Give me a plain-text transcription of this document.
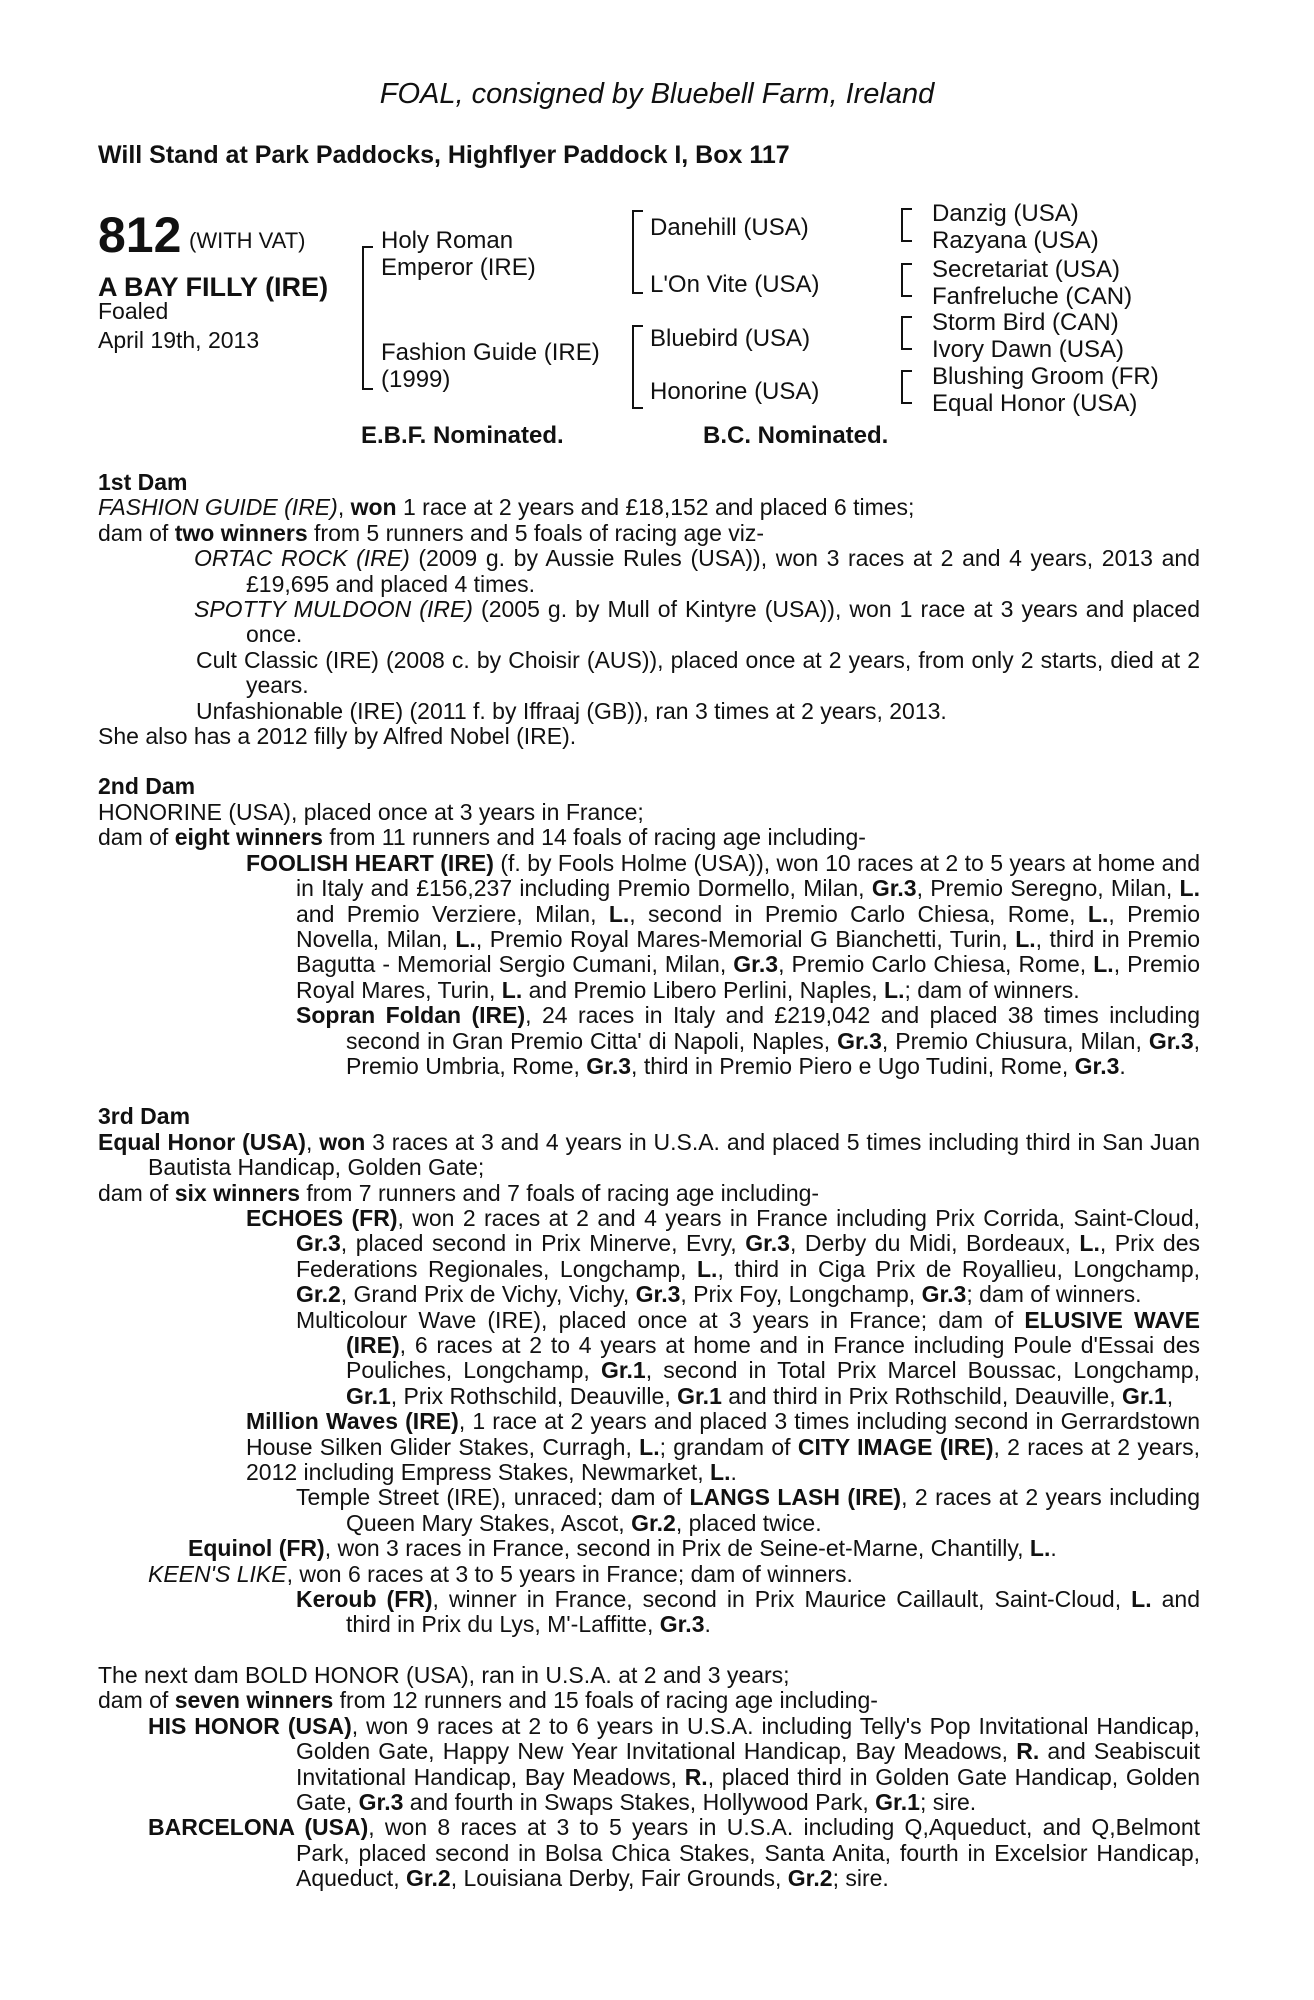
FOAL, consigned by Bluebell Farm, Ireland
Will Stand at Park Paddocks, Highflyer Paddock I, Box 117
812 (WITH VAT)
A BAY FILLY (IRE)
Foaled
April 19th, 2013
Holy Roman
Emperor (IRE)
Fashion Guide (IRE)
(1999)
Danehill (USA)
L'On Vite (USA)
Bluebird (USA)
Honorine (USA)
Danzig (USA)
Razyana (USA)
Secretariat (USA)
Fanfreluche (CAN)
Storm Bird (CAN)
Ivory Dawn (USA)
Blushing Groom (FR)
Equal Honor (USA)
E.B.F. Nominated.	B.C. Nominated.

1st Dam

FASHION GUIDE (IRE), won 1 race at 2 years and £18,152 and placed 6 times;

dam of two winners from 5 runners and 5 foals of racing age viz-

ORTAC ROCK (IRE) (2009 g. by Aussie Rules (USA)), won 3 races at 2 and 4 years, 2013 and £19,695 and placed 4 times.

SPOTTY MULDOON (IRE) (2005 g. by Mull of Kintyre (USA)), won 1 race at 3 years and placed once.

Cult Classic (IRE) (2008 c. by Choisir (AUS)), placed once at 2 years, from only 2 starts, died at 2 years.

Unfashionable (IRE) (2011 f. by Iffraaj (GB)), ran 3 times at 2 years, 2013.

She also has a 2012 filly by Alfred Nobel (IRE).

2nd Dam

HONORINE (USA), placed once at 3 years in France;

dam of eight winners from 11 runners and 14 foals of racing age including-

FOOLISH HEART (IRE) (f. by Fools Holme (USA)), won 10 races at 2 to 5 years at home and in Italy and £156,237 including Premio Dormello, Milan, Gr.3, Premio Seregno, Milan, L. and Premio Verziere, Milan, L., second in Premio Carlo Chiesa, Rome, L., Premio Novella, Milan, L., Premio Royal Mares-Memorial G Bianchetti, Turin, L., third in Premio Bagutta - Memorial Sergio Cumani, Milan, Gr.3, Premio Carlo Chiesa, Rome, L., Premio Royal Mares, Turin, L. and Premio Libero Perlini, Naples, L.; dam of winners.

Sopran Foldan (IRE), 24 races in Italy and £219,042 and placed 38 times including second in Gran Premio Citta' di Napoli, Naples, Gr.3, Premio Chiusura, Milan, Gr.3, Premio Umbria, Rome, Gr.3, third in Premio Piero e Ugo Tudini, Rome, Gr.3.

3rd Dam

Equal Honor (USA), won 3 races at 3 and 4 years in U.S.A. and placed 5 times including third in San Juan Bautista Handicap, Golden Gate;

dam of six winners from 7 runners and 7 foals of racing age including-

ECHOES (FR), won 2 races at 2 and 4 years in France including Prix Corrida, Saint-Cloud, Gr.3, placed second in Prix Minerve, Evry, Gr.3, Derby du Midi, Bordeaux, L., Prix des Federations Regionales, Longchamp, L., third in Ciga Prix de Royallieu, Longchamp, Gr.2, Grand Prix de Vichy, Vichy, Gr.3, Prix Foy, Longchamp, Gr.3; dam of winners.

Multicolour Wave (IRE), placed once at 3 years in France; dam of ELUSIVE WAVE (IRE), 6 races at 2 to 4 years at home and in France including Poule d'Essai des Pouliches, Longchamp, Gr.1, second in Total Prix Marcel Boussac, Longchamp, Gr.1, Prix Rothschild, Deauville, Gr.1 and third in Prix Rothschild, Deauville, Gr.1,

Million Waves (IRE), 1 race at 2 years and placed 3 times including second in Gerrardstown House Silken Glider Stakes, Curragh, L.; grandam of CITY IMAGE (IRE), 2 races at 2 years, 2012 including Empress Stakes, Newmarket, L..

Temple Street (IRE), unraced; dam of LANGS LASH (IRE), 2 races at 2 years including Queen Mary Stakes, Ascot, Gr.2, placed twice.

Equinol (FR), won 3 races in France, second in Prix de Seine-et-Marne, Chantilly, L..

KEEN'S LIKE, won 6 races at 3 to 5 years in France; dam of winners.

Keroub (FR), winner in France, second in Prix Maurice Caillault, Saint-Cloud, L. and third in Prix du Lys, M'-Laffitte, Gr.3.

The next dam BOLD HONOR (USA), ran in U.S.A. at 2 and 3 years;

dam of seven winners from 12 runners and 15 foals of racing age including-

HIS HONOR (USA), won 9 races at 2 to 6 years in U.S.A. including Telly's Pop Invitational Handicap, Golden Gate, Happy New Year Invitational Handicap, Bay Meadows, R. and Seabiscuit Invitational Handicap, Bay Meadows, R., placed third in Golden Gate Handicap, Golden Gate, Gr.3 and fourth in Swaps Stakes, Hollywood Park, Gr.1; sire.

BARCELONA (USA), won 8 races at 3 to 5 years in U.S.A. including Q,Aqueduct, and Q,Belmont Park, placed second in Bolsa Chica Stakes, Santa Anita, fourth in Excelsior Handicap, Aqueduct, Gr.2, Louisiana Derby, Fair Grounds, Gr.2; sire.
